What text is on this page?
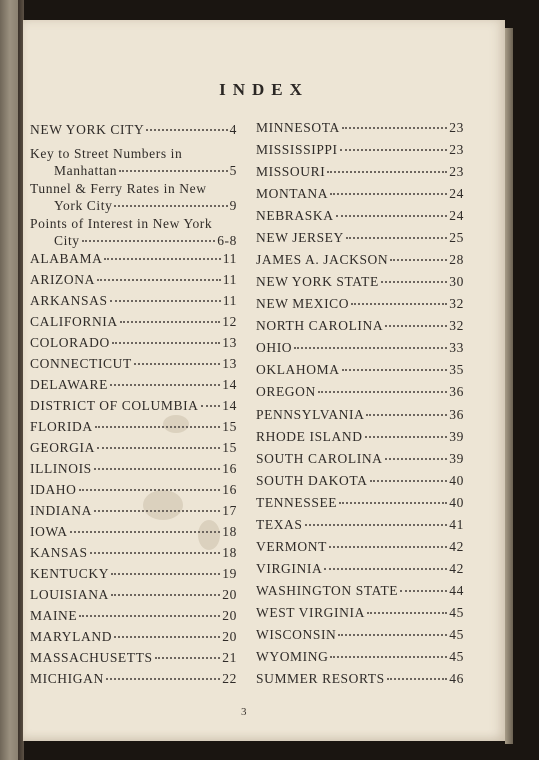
INDEX
NEW YORK CITY	4
Key to Street Numbers in
Manhattan	5
Tunnel & Ferry Rates in New
York City	9
Points of Interest in New York
City	6-8
ALABAMA	11
ARIZONA	11
ARKANSAS	11
CALIFORNIA	12
COLORADO	13
CONNECTICUT	13
DELAWARE	14
DISTRICT OF COLUMBIA 14
FLORIDA	15
GEORGIA	15
ILLINOIS	16
IDAHO	16
INDIANA	17
IOWA	18
KANSAS	18
KENTUCKY	19
LOUISIANA	20
MAINE	20
MARYLAND	20
MASSACHUSETTS	21
MICHIGAN	22
MINNESOTA	23
MISSISSIPPI	23
MISSOURI	23
MONTANA	24
NEBRASKA	24
NEW JERSEY	25
JAMES A. JACKSON	28
NEW YORK STATE	30
NEW MEXICO	32
NORTH CAROLINA	32
OHIO	33
OKLAHOMA	35
OREGON	36
PENNSYLVANIA	36
RHODE ISLAND	39
SOUTH CAROLINA	39
SOUTH DAKOTA	40
TENNESSEE	40
TEXAS	41
VERMONT	42
VIRGINIA	42
WASHINGTON STATE	44
WEST VIRGINIA	45
WISCONSIN	45
WYOMING	45
SUMMER RESORTS	46
3
